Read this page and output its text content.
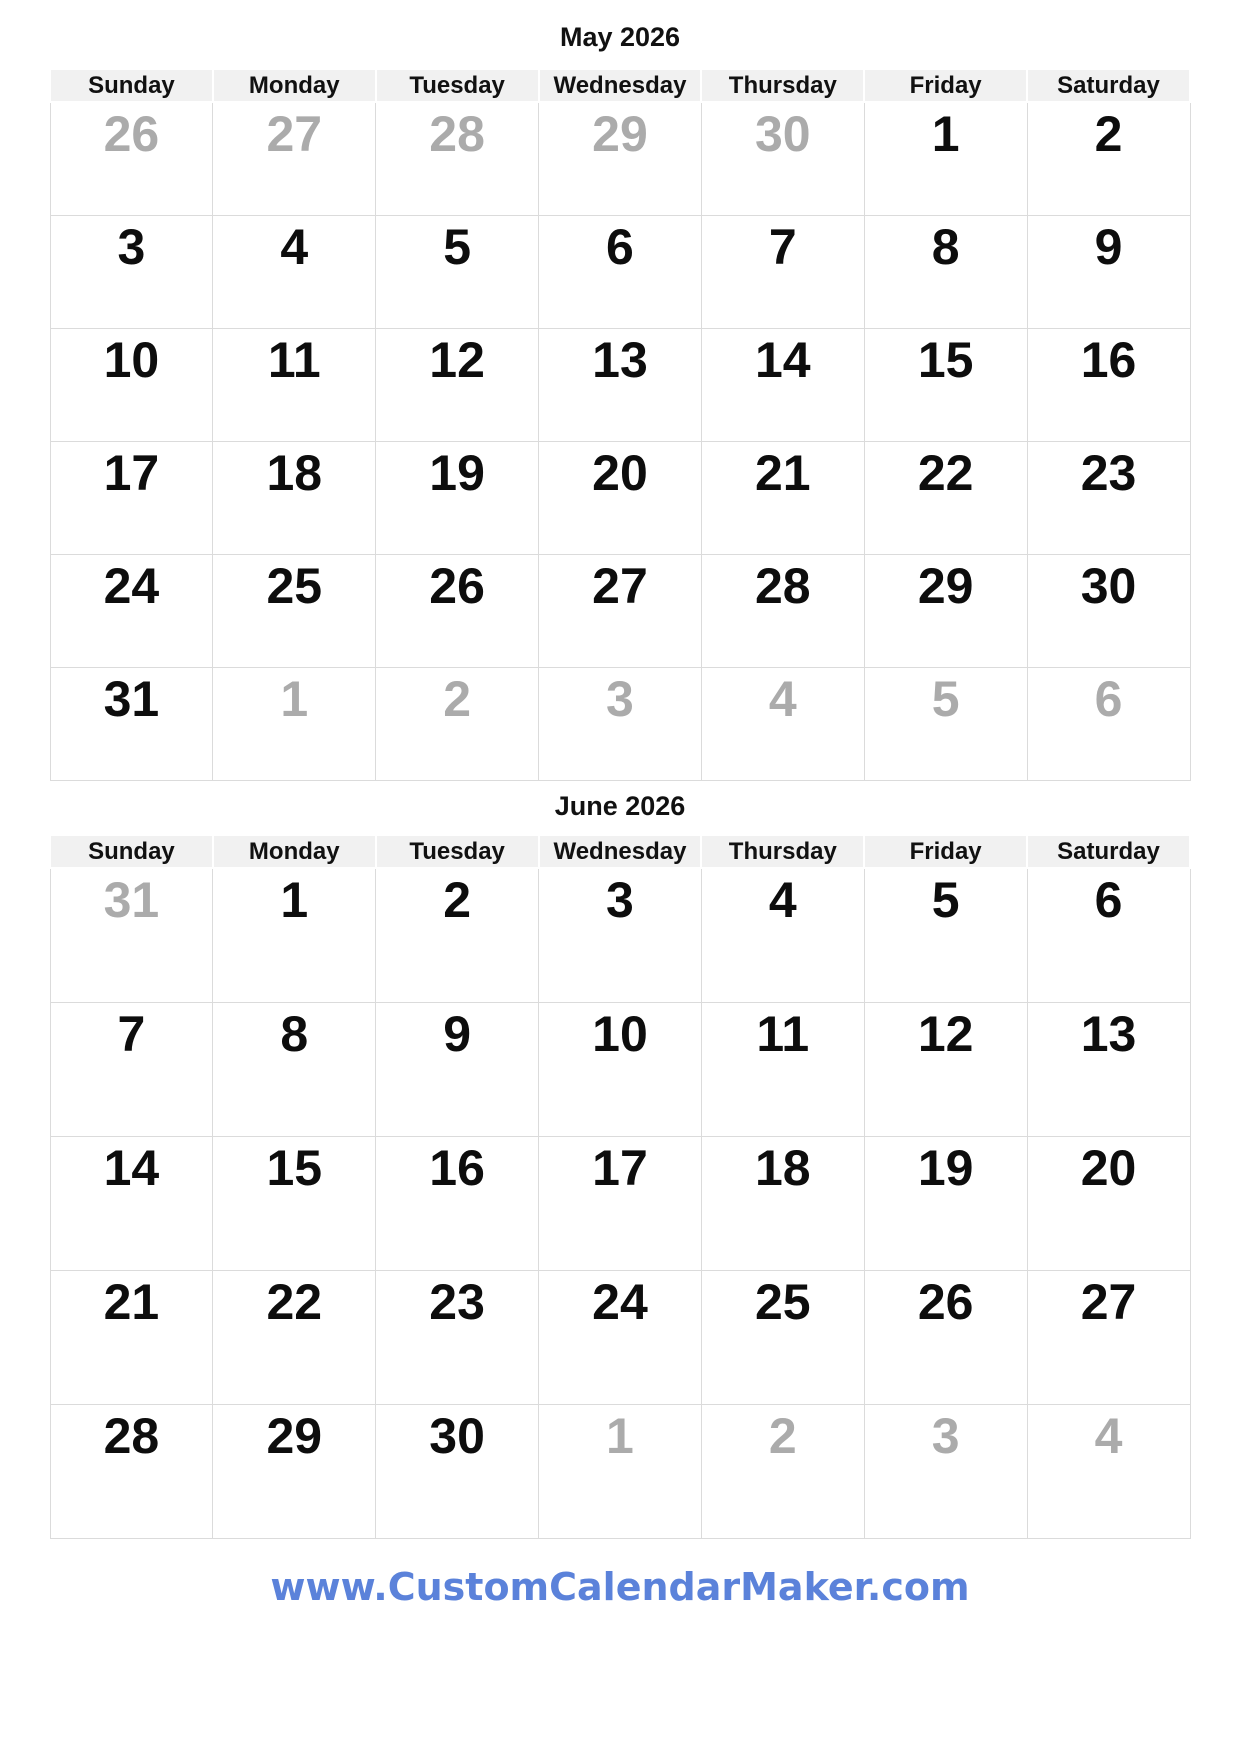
May 2026
Sunday	Monday	Tuesday	Wednesday	Thursday	Friday	Saturday
26	27	28	29	30	1	2
3	4	5	6	7	8	9
10	11	12	13	14	15	16
17	18	19	20	21	22	23
24	25	26	27	28	29	30
31	1	2	3	4	5	6
June 2026
Sunday	Monday	Tuesday	Wednesday	Thursday	Friday	Saturday
31	1	2	3	4	5	6
7	8	9	10	11	12	13
14	15	16	17	18	19	20
21	22	23	24	25	26	27
28	29	30	1	2	3	4
www.CustomCalendarMaker.com
